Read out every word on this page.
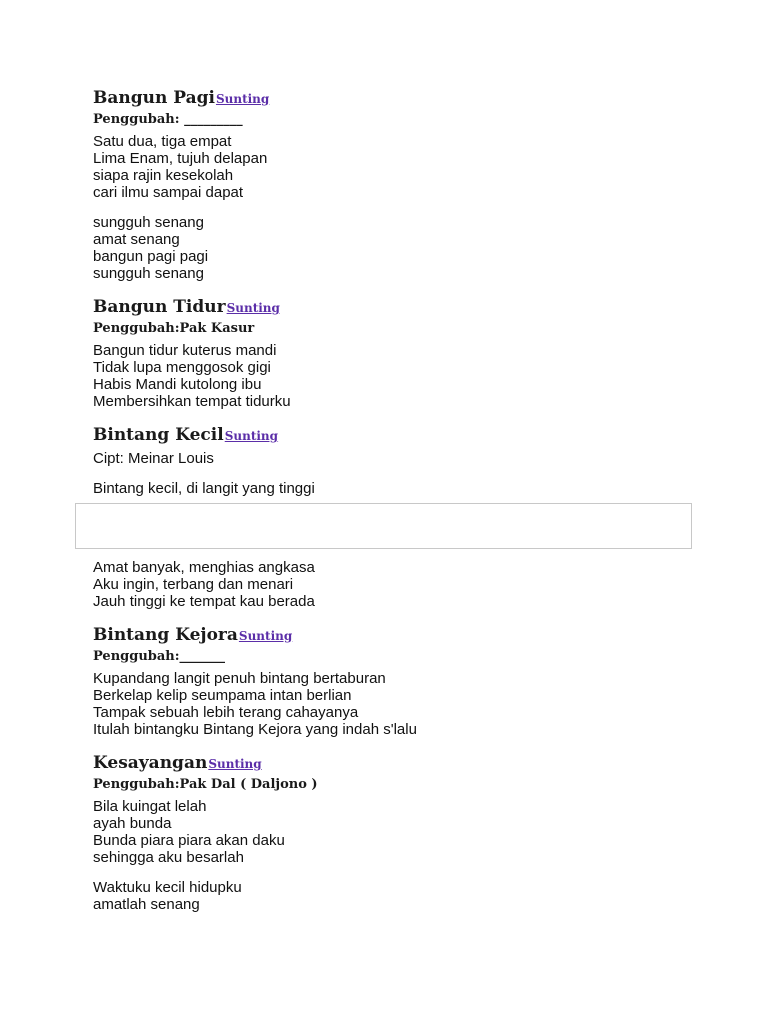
Bangun PagiSunting

Penggubah: _________

Satu dua, tiga empat
Lima Enam, tujuh delapan
siapa rajin kesekolah
cari ilmu sampai dapat
sungguh senang
amat senang
bangun pagi pagi
sungguh senang
Bangun TidurSunting

Penggubah:Pak Kasur

Bangun tidur kuterus mandi
Tidak lupa menggosok gigi
Habis Mandi kutolong ibu
Membersihkan tempat tidurku
Bintang KecilSunting
Cipt: Meinar Louis
Bintang kecil, di langit yang tinggi
Amat banyak, menghias angkasa
Aku ingin, terbang dan menari
Jauh tinggi ke tempat kau berada
Bintang KejoraSunting

Penggubah:_______

Kupandang langit penuh bintang bertaburan
Berkelap kelip seumpama intan berlian
Tampak sebuah lebih terang cahayanya
Itulah bintangku Bintang Kejora yang indah s'lalu
KesayanganSunting

Penggubah:Pak Dal ( Daljono )

Bila kuingat lelah
ayah bunda
Bunda piara piara akan daku
sehingga aku besarlah
Waktuku kecil hidupku
amatlah senang
